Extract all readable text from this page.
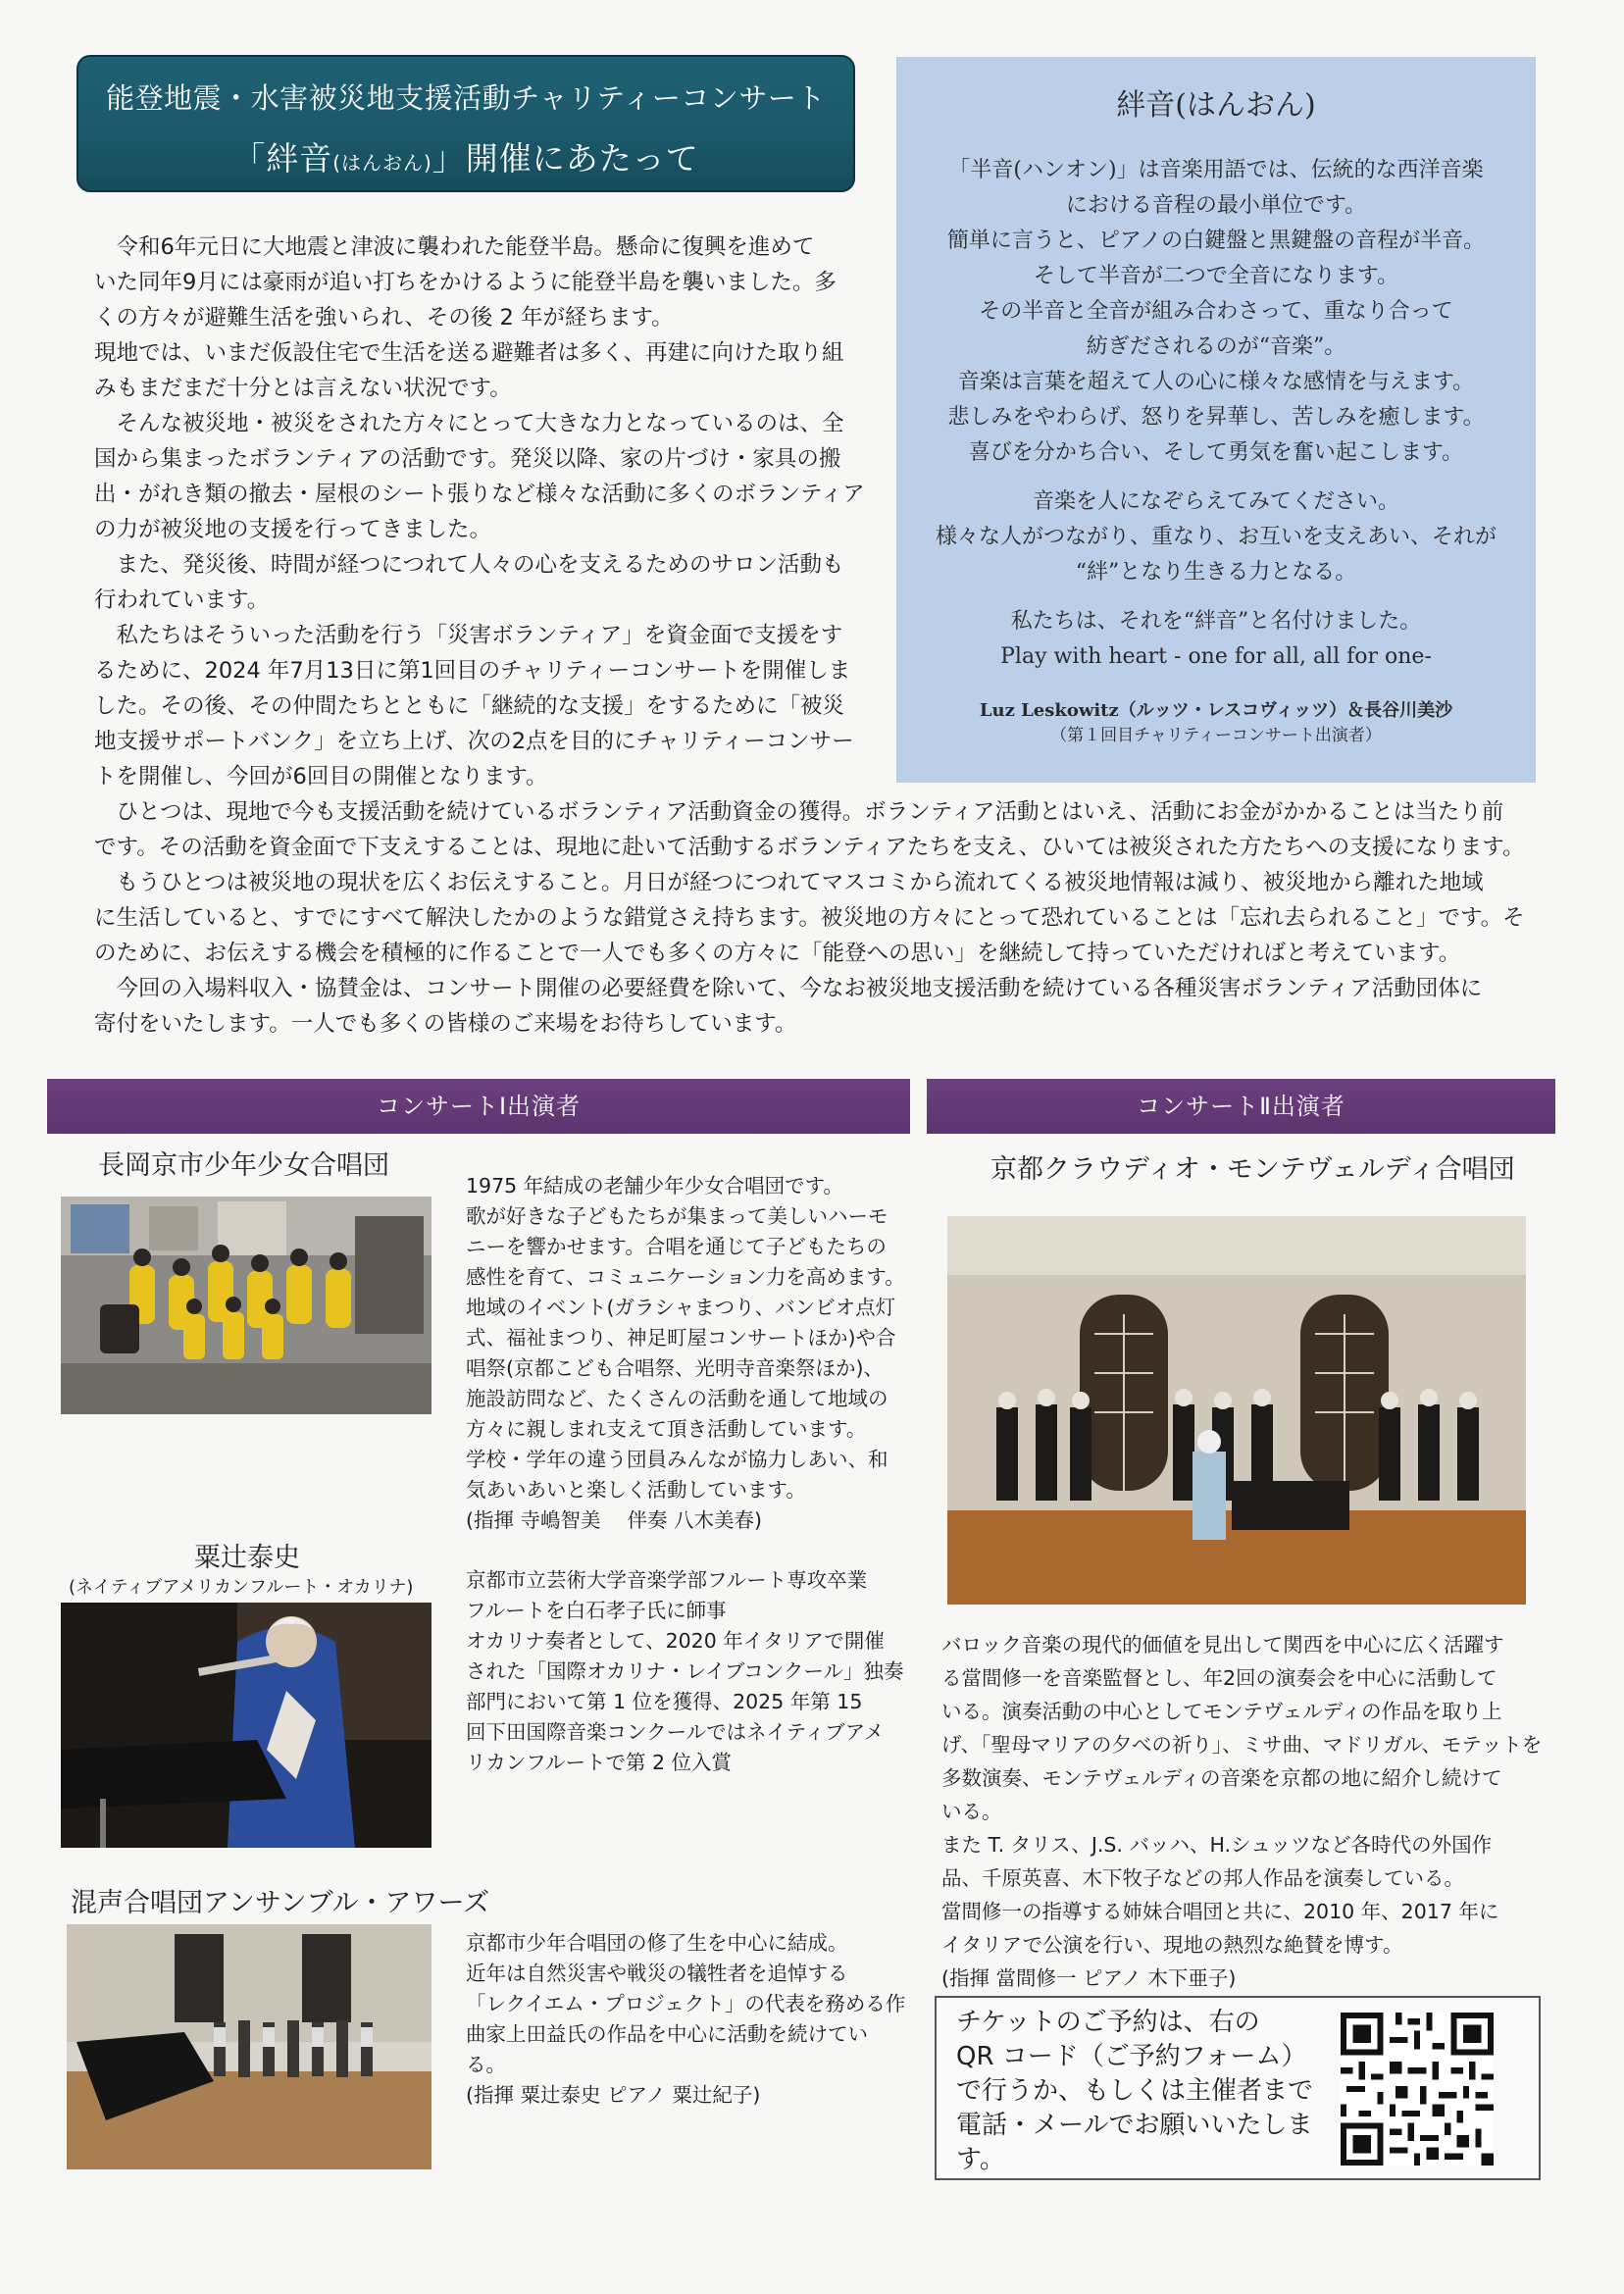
能登地震・水害被災地支援活動チャリティーコンサート
「絆音(はんおん)」開催にあたって

　令和6年元日に大地震と津波に襲われた能登半島。懸命に復興を進めて

いた同年9月には豪雨が追い打ちをかけるように能登半島を襲いました。多

くの方々が避難生活を強いられ、その後 2 年が経ちます。

現地では、いまだ仮設住宅で生活を送る避難者は多く、再建に向けた取り組

みもまだまだ十分とは言えない状況です。

　そんな被災地・被災をされた方々にとって大きな力となっているのは、全

国から集まったボランティアの活動です。発災以降、家の片づけ・家具の搬

出・がれき類の撤去・屋根のシート張りなど様々な活動に多くのボランティア

の力が被災地の支援を行ってきました。

　また、発災後、時間が経つにつれて人々の心を支えるためのサロン活動も

行われています。

　私たちはそういった活動を行う「災害ボランティア」を資金面で支援をす

るために、2024 年7月13日に第1回目のチャリティーコンサートを開催しま

した。その後、その仲間たちとともに「継続的な支援」をするために「被災

地支援サポートバンク」を立ち上げ、次の2点を目的にチャリティーコンサー

トを開催し、今回が6回目の開催となります。

絆音(はんおん)
「半音(ハンオン)」は音楽用語では、伝統的な西洋音楽
における音程の最小単位です。
簡単に言うと、ピアノの白鍵盤と黒鍵盤の音程が半音。
そして半音が二つで全音になります。
その半音と全音が組み合わさって、重なり合って
紡ぎだされるのが“音楽”。
音楽は言葉を超えて人の心に様々な感情を与えます。
悲しみをやわらげ、怒りを昇華し、苦しみを癒します。
喜びを分かち合い、そして勇気を奮い起こします。
音楽を人になぞらえてみてください。
様々な人がつながり、重なり、お互いを支えあい、それが
“絆”となり生きる力となる。
私たちは、それを“絆音”と名付けました。
Play with heart - one for all, all for one-
Luz Leskowitz（ルッツ・レスコヴィッツ）＆長谷川美沙
（第１回目チャリティーコンサート出演者）

　ひとつは、現地で今も支援活動を続けているボランティア活動資金の獲得。ボランティア活動とはいえ、活動にお金がかかることは当たり前

です。その活動を資金面で下支えすることは、現地に赴いて活動するボランティアたちを支え、ひいては被災された方たちへの支援になります。

　もうひとつは被災地の現状を広くお伝えすること。月日が経つにつれてマスコミから流れてくる被災地情報は減り、被災地から離れた地域

に生活していると、すでにすべて解決したかのような錯覚さえ持ちます。被災地の方々にとって恐れていることは「忘れ去られること」です。そ

のために、お伝えする機会を積極的に作ることで一人でも多くの方々に「能登への思い」を継続して持っていただければと考えています。

　今回の入場料収入・協賛金は、コンサート開催の必要経費を除いて、今なお被災地支援活動を続けている各種災害ボランティア活動団体に

寄付をいたします。一人でも多くの皆様のご来場をお待ちしています。

コンサートⅠ出演者	コンサートⅡ出演者
長岡京市少年少女合唱団
1975 年結成の老舗少年少女合唱団です。
歌が好きな子どもたちが集まって美しいハーモ
ニーを響かせます。合唱を通じて子どもたちの
感性を育て、コミュニケーション力を高めます。
地域のイベント(ガラシャまつり、バンビオ点灯
式、福祉まつり、神足町屋コンサートほか)や合
唱祭(京都こども合唱祭、光明寺音楽祭ほか)、
施設訪問など、たくさんの活動を通して地域の
方々に親しまれ支えて頂き活動しています。
学校・学年の違う団員みんなが協力しあい、和
気あいあいと楽しく活動しています。
(指揮 寺嶋智美　 伴奏 八木美春)
粟辻泰史
(ネイティブアメリカンフルート・オカリナ)	京都市立芸術大学音楽学部フルート専攻卒業
フルートを白石孝子氏に師事
オカリナ奏者として、2020 年イタリアで開催
された「国際オカリナ・レイブコンクール」独奏
部門において第 1 位を獲得、2025 年第 15
回下田国際音楽コンクールではネイティブアメ
リカンフルートで第 2 位入賞
混声合唱団アンサンブル・アワーズ
京都市少年合唱団の修了生を中心に結成。
近年は自然災害や戦災の犠牲者を追悼する
「レクイエム・プロジェクト」の代表を務める作
曲家上田益氏の作品を中心に活動を続けてい
る。
(指揮 粟辻泰史 ピアノ 粟辻紀子)
京都クラウディオ・モンテヴェルディ合唱団
バロック音楽の現代的価値を見出して関西を中心に広く活躍す
る當間修一を音楽監督とし、年2回の演奏会を中心に活動して
いる。演奏活動の中心としてモンテヴェルディの作品を取り上
げ、「聖母マリアの夕べの祈り」、ミサ曲、マドリガル、モテットを
多数演奏、モンテヴェルディの音楽を京都の地に紹介し続けて
いる。
また T. タリス、J.S. バッハ、H.シュッツなど各時代の外国作
品、千原英喜、木下牧子などの邦人作品を演奏している。
當間修一の指導する姉妹合唱団と共に、2010 年、2017 年に
イタリアで公演を行い、現地の熱烈な絶賛を博す。
(指揮 當間修一 ピアノ 木下亜子)
チケットのご予約は、右の
QR コード（ご予約フォーム）
で行うか、もしくは主催者まで
電話・メールでお願いいたしま
す。
